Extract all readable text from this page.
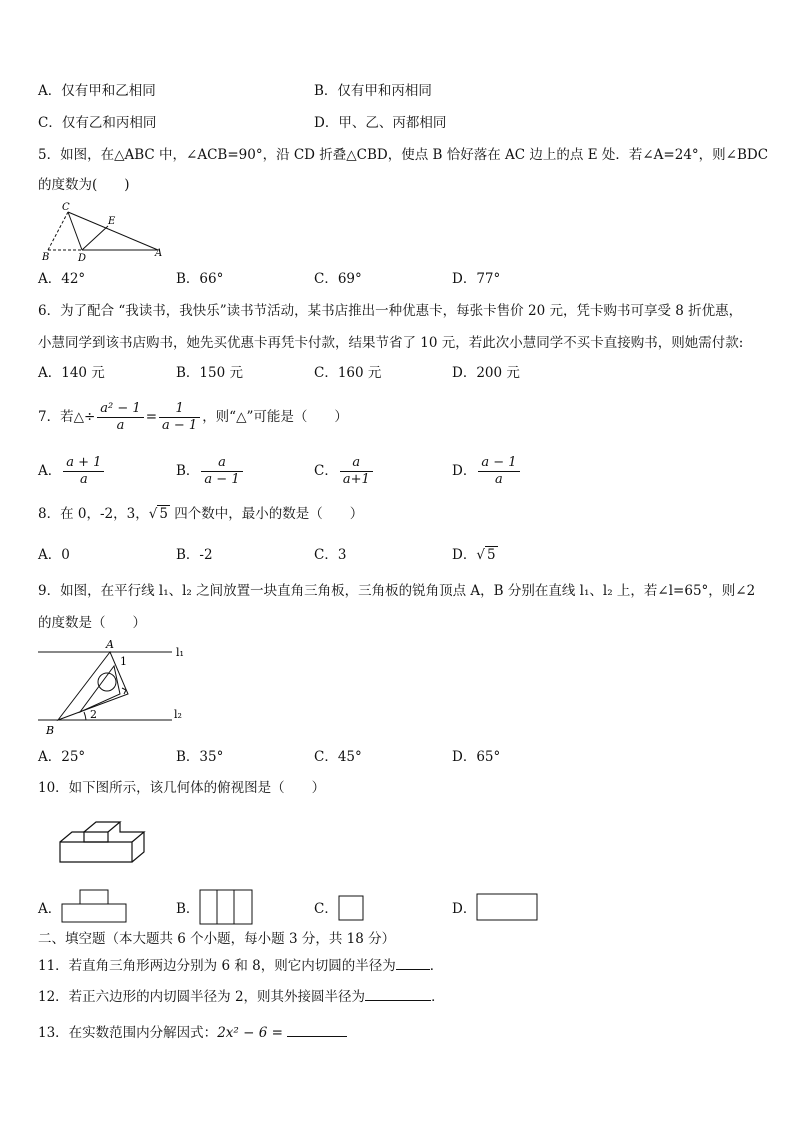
A．仅有甲和乙相同	B．仅有甲和丙相同
C．仅有乙和丙相同	D．甲、乙、丙都相同
5．如图，在△ABC 中，∠ACB=90°，沿 CD 折叠△CBD，使点 B 恰好落在 AC 边上的点 E 处．若∠A=24°，则∠BDC
的度数为(　　)
C
E
B	D	A
A．42°	B．66°	C．69°	D．77°
6．为了配合 “我读书，我快乐”读书节活动，某书店推出一种优惠卡，每张卡售价 20 元，凭卡购书可享受 8 折优惠，
小慧同学到该书店购书，她先买优惠卡再凭卡付款，结果节省了 10 元，若此次小慧同学不买卡直接购书，则她需付款:
A．140 元	B．150 元	C．160 元	D．200 元
7．若△÷ $\frac{\text{a² − 1}}{a} = \frac{1}{a - 1}$ ，则“△”可能是（　　）
A． $\frac{a + 1}{a}$	B． $\frac{a}{a - 1}$	C． $\frac{a}{a+1}$	D． $\frac{a - 1}{a}$
8．在 0，-2，3，√ 5 四个数中，最小的数是（　　）
A．0	B．-2	C．3	D．√ 5
9．如图，在平行线 l₁、l₂ 之间放置一块直角三角板，三角板的锐角顶点 A，B 分别在直线 l₁、l₂ 上，若∠l=65°，则∠2
的度数是（　　）
A
1
2
B
l₁
l₂
A．25°	B．35°	C．45°	D．65°
10．如下图所示，该几何体的俯视图是（　　）
A．	B．	C．	D．
二、填空题（本大题共 6 个小题，每小题 3 分，共 18 分）
11．若直角三角形两边分别为 6 和 8，则它内切圆的半径为	．
12．若正六边形的内切圆半径为 2，则其外接圆半径为	．
13．在实数范围内分解因式：2x² − 6 =
